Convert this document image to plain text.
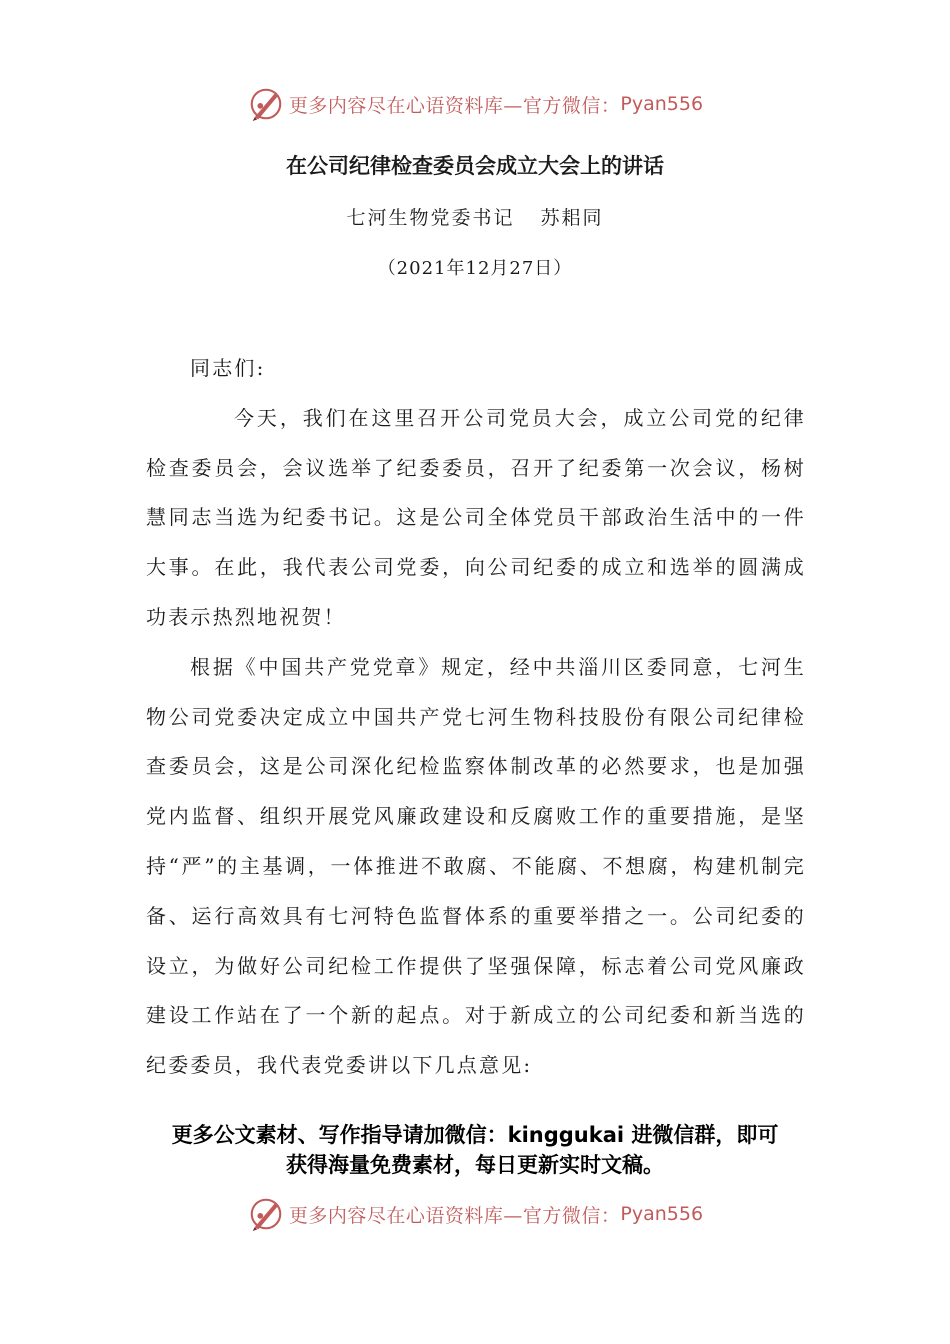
更多内容尽在心语资料库—官方微信： Pyan556
在公司纪律检查委员会成立大会上的讲话
七河生物党委书记 苏耜同
（2021年12月27日）

同志们:

今天，我们在这里召开公司党员大会，成立公司党的纪律检查委员会，会议选举了纪委委员，召开了纪委第一次会议，杨树慧同志当选为纪委书记。这是公司全体党员干部政治生活中的一件大事。在此，我代表公司党委，向公司纪委的成立和选举的圆满成功表示热烈地祝贺！

根据《中国共产党党章》规定，经中共淄川区委同意，七河生物公司党委决定成立中国共产党七河生物科技股份有限公司纪律检查委员会，这是公司深化纪检监察体制改革的必然要求，也是加强党内监督、组织开展党风廉政建设和反腐败工作的重要措施，是坚持“严”的主基调，一体推进不敢腐、不能腐、不想腐，构建机制完备、运行高效具有七河特色监督体系的重要举措之一。公司纪委的设立，为做好公司纪检工作提供了坚强保障，标志着公司党风廉政建设工作站在了一个新的起点。对于新成立的公司纪委和新当选的纪委委员，我代表党委讲以下几点意见:

更多公文素材、写作指导请加微信：kinggukai 进微信群，即可
获得海量免费素材，每日更新实时文稿。
更多内容尽在心语资料库—官方微信： Pyan556
